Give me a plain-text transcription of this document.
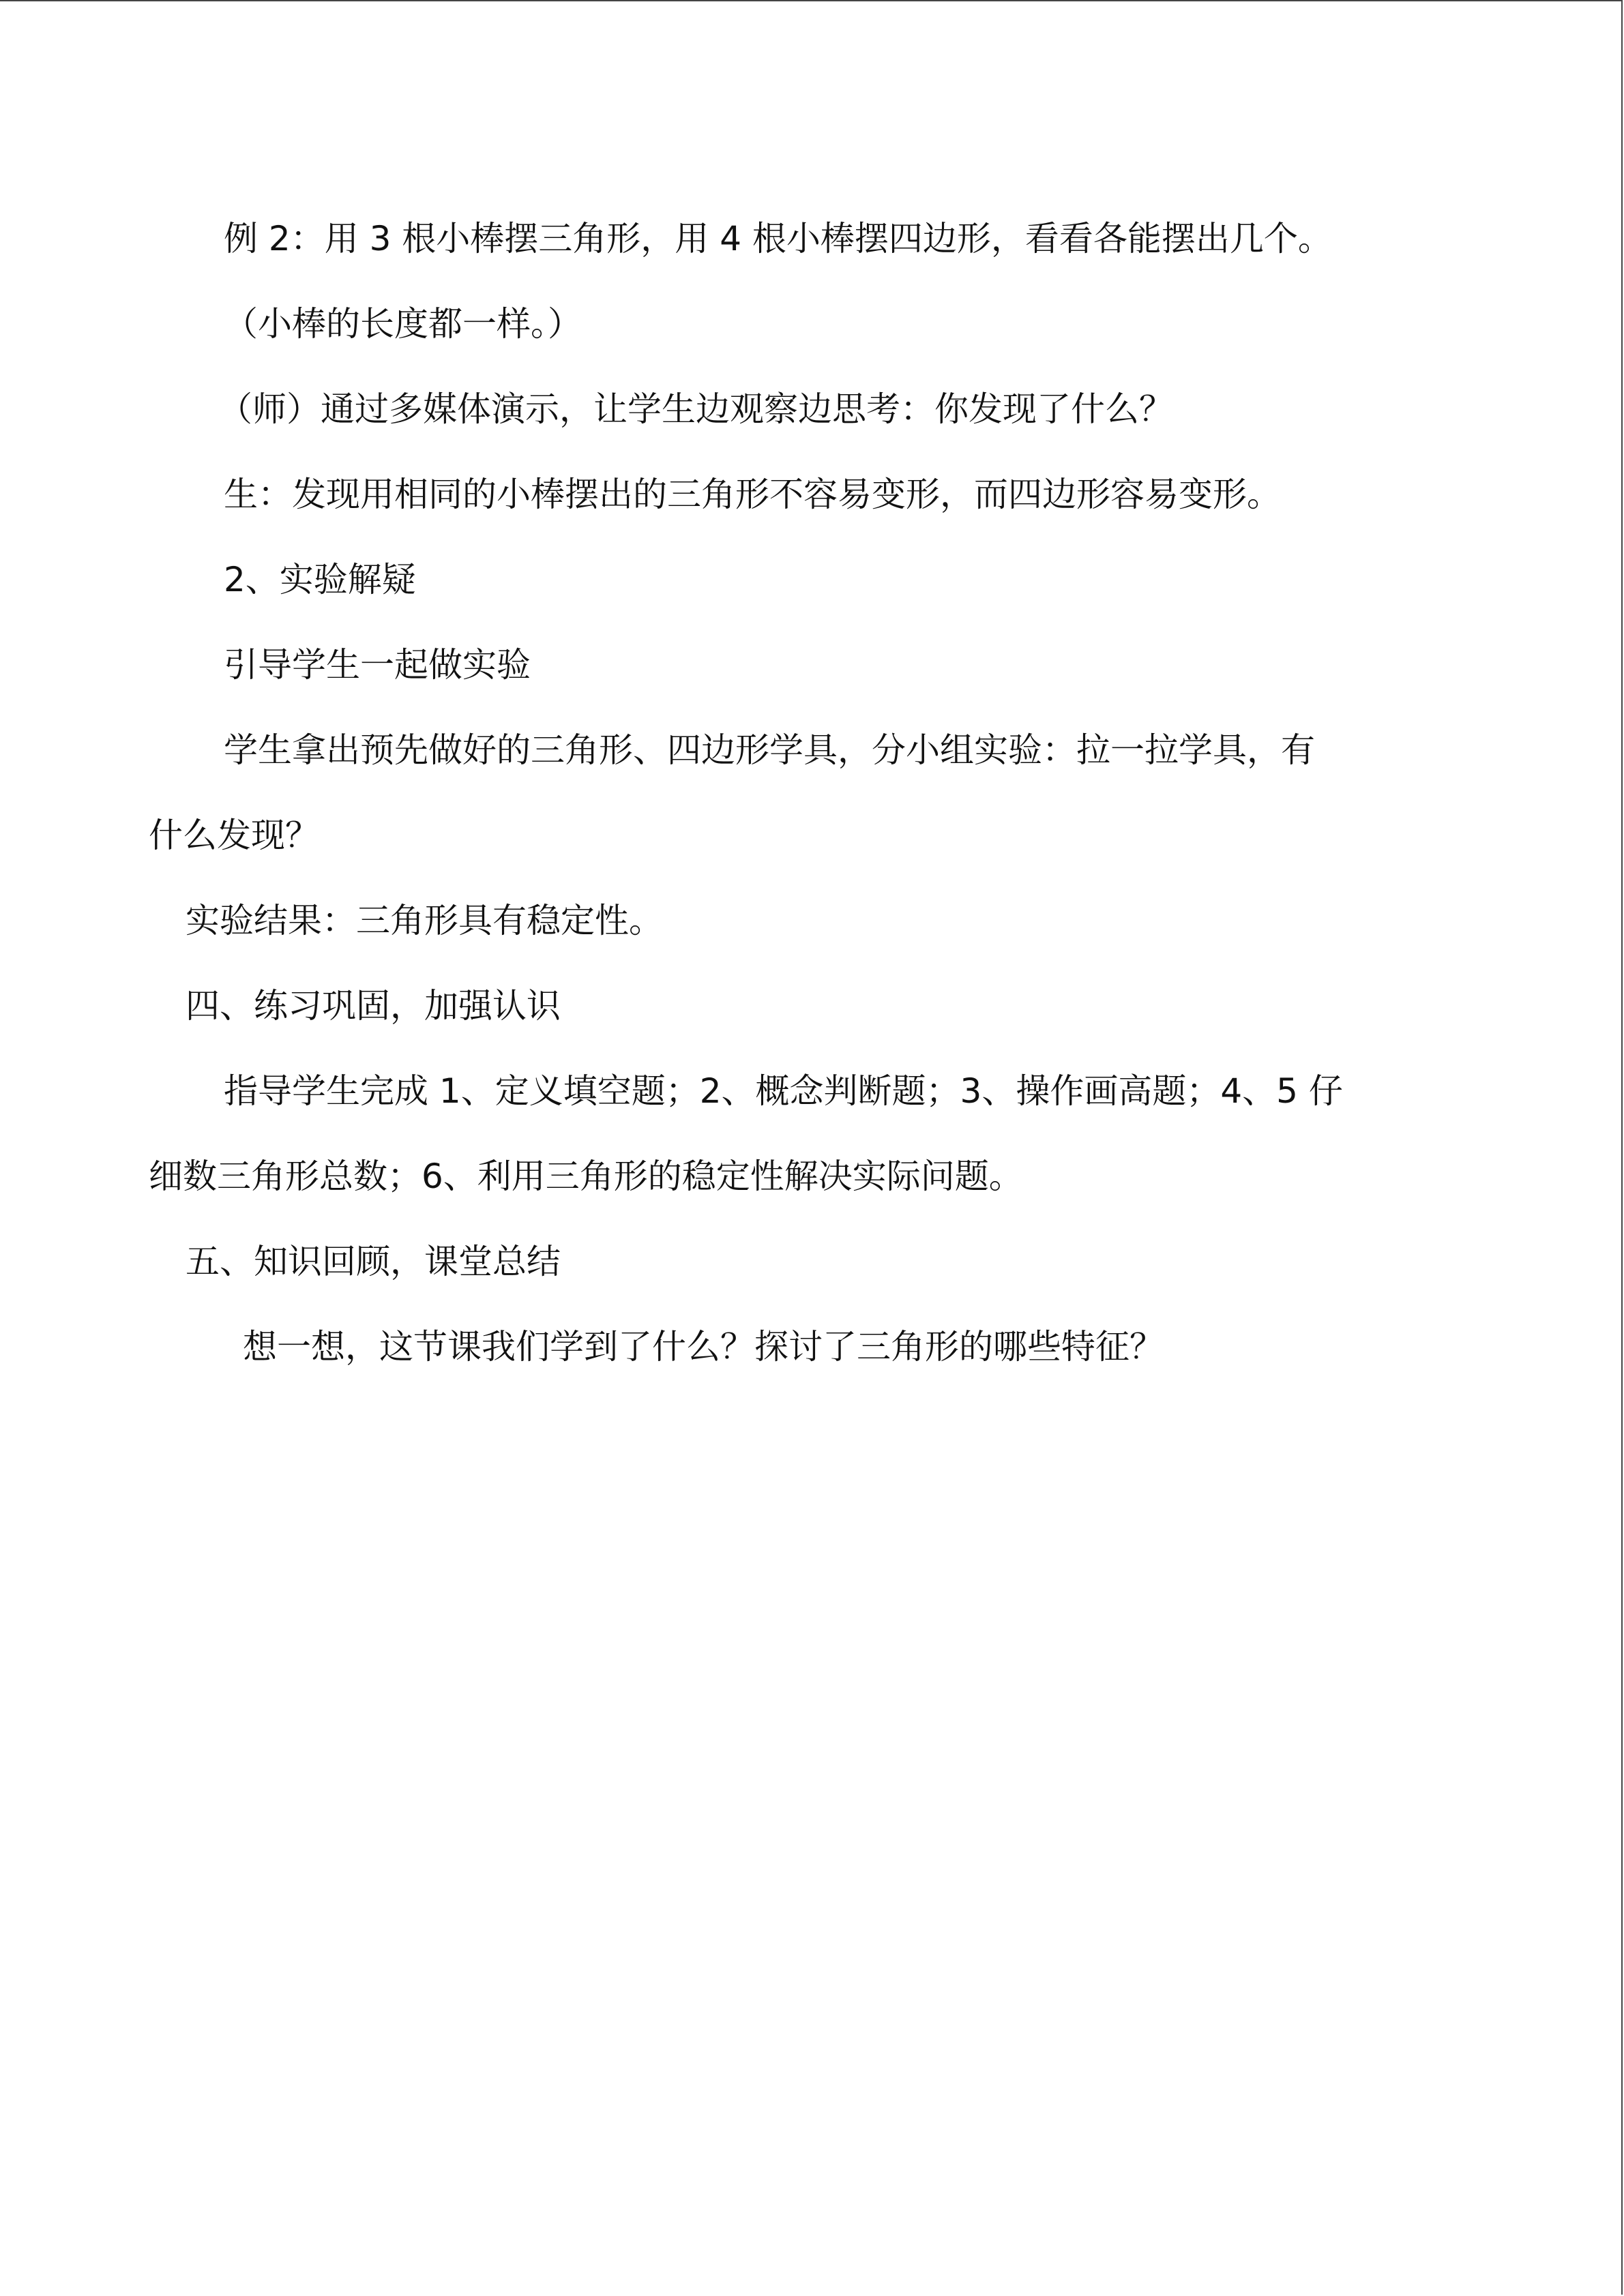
例 2：用 3 根小棒摆三角形，用 4 根小棒摆四边形，看看各能摆出几个。
（小棒的长度都一样。）
（师）通过多媒体演示，让学生边观察边思考：你发现了什么？
生：发现用相同的小棒摆出的三角形不容易变形，而四边形容易变形。
2、实验解疑
引导学生一起做实验
学生拿出预先做好的三角形、四边形学具，分小组实验：拉一拉学具，有
什么发现？
实验结果：三角形具有稳定性。
四、练习巩固，加强认识
指导学生完成 1、定义填空题；2、概念判断题；3、操作画高题；4、5 仔
细数三角形总数；6、利用三角形的稳定性解决实际问题。
五、知识回顾，课堂总结
想一想，这节课我们学到了什么？探讨了三角形的哪些特征？
